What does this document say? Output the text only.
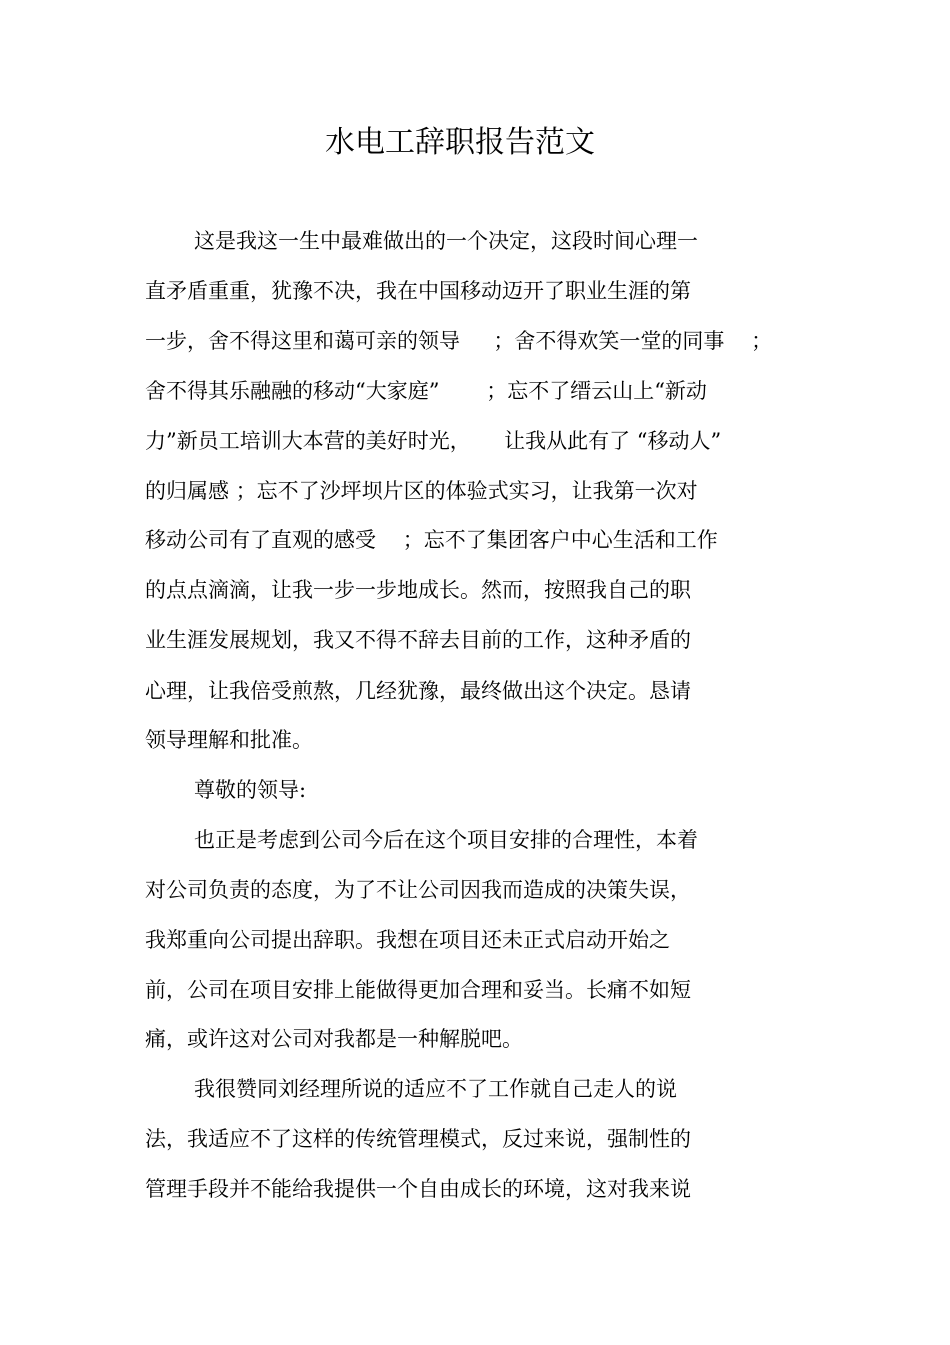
水电工辞职报告范文
这是我这一生中最难做出的一个决定，这段时间心理一
直矛盾重重，犹豫不决，我在中国移动迈开了职业生涯的第
一步，舍不得这里和蔼可亲的领导     ；舍不得欢笑一堂的同事    ；
舍不得其乐融融的移动“大家庭”       ；忘不了缙云山上“新动
力”新员工培训大本营的美好时光，     让我从此有了 “移动人”
的归属感 ；忘不了沙坪坝片区的体验式实习，让我第一次对
移动公司有了直观的感受    ；忘不了集团客户中心生活和工作
的点点滴滴，让我一步一步地成长。然而，按照我自己的职
业生涯发展规划，我又不得不辞去目前的工作，这种矛盾的
心理，让我倍受煎熬，几经犹豫，最终做出这个决定。恳请
领导理解和批准。
尊敬的领导:
也正是考虑到公司今后在这个项目安排的合理性，本着
对公司负责的态度，为了不让公司因我而造成的决策失误，
我郑重向公司提出辞职。我想在项目还未正式启动开始之
前，公司在项目安排上能做得更加合理和妥当。长痛不如短
痛，或许这对公司对我都是一种解脱吧。
我很赞同刘经理所说的适应不了工作就自己走人的说
法，我适应不了这样的传统管理模式，反过来说，强制性的
管理手段并不能给我提供一个自由成长的环境，这对我来说
